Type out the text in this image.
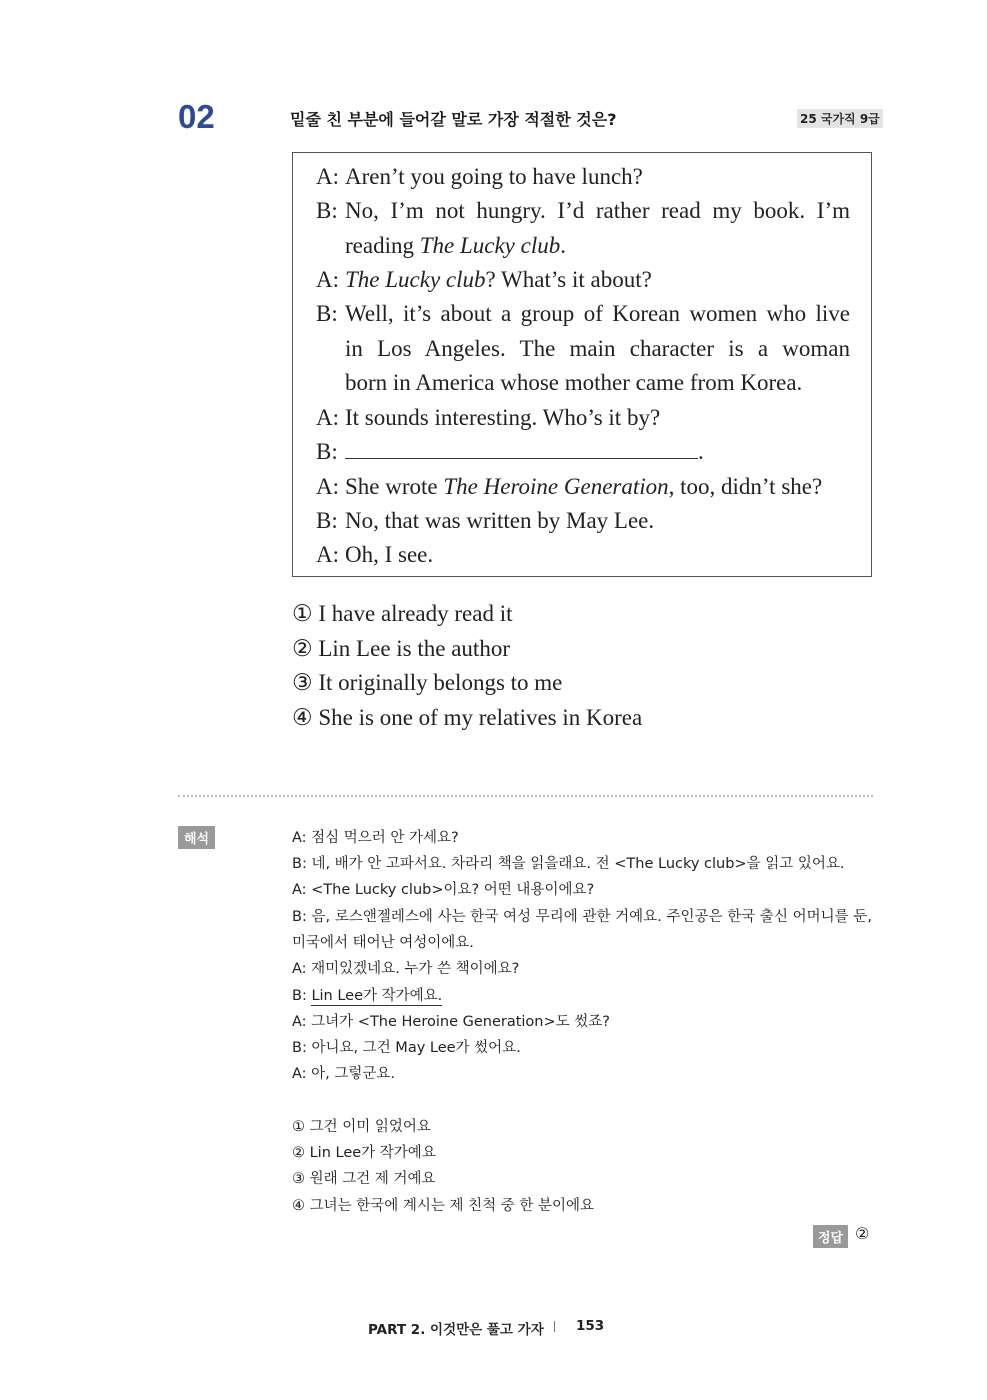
02	밑줄 친 부분에 들어갈 말로 가장 적절한 것은?	25 국가직 9급
A: Aren’t you going to have lunch?
B: No, I’m not hungry. I’d rather read my book. I’m
reading The Lucky club.
A: The Lucky club? What’s it about?
B: Well, it’s about a group of Korean women who live
in Los Angeles. The main character is a woman
born in America whose mother came from Korea.
A: It sounds interesting. Who’s it by?
B:	.
A: She wrote The Heroine Generation, too, didn’t she?
B: No, that was written by May Lee.
A: Oh, I see.
① I have already read it
② Lin Lee is the author
③ It originally belongs to me
④ She is one of my relatives in Korea
해석	A: 점심 먹으러 안 가세요?
B: 네, 배가 안 고파서요. 차라리 책을 읽을래요. 전 <The Lucky club>을 읽고 있어요.
A: <The Lucky club>이요? 어떤 내용이에요?
B: 음, 로스앤젤레스에 사는 한국 여성 무리에 관한 거예요. 주인공은 한국 출신 어머니를 둔,
미국에서 태어난 여성이에요.
A: 재미있겠네요. 누가 쓴 책이에요?
B: Lin Lee가 작가예요.
A: 그녀가 <The Heroine Generation>도 썼죠?
B: 아니요, 그건 May Lee가 썼어요.
A: 아, 그렇군요.
① 그건 이미 읽었어요
② Lin Lee가 작가예요
③ 원래 그건 제 거예요
④ 그녀는 한국에 계시는 제 친척 중 한 분이에요
정답 ②
PART 2. 이것만은 풀고 가자 153
